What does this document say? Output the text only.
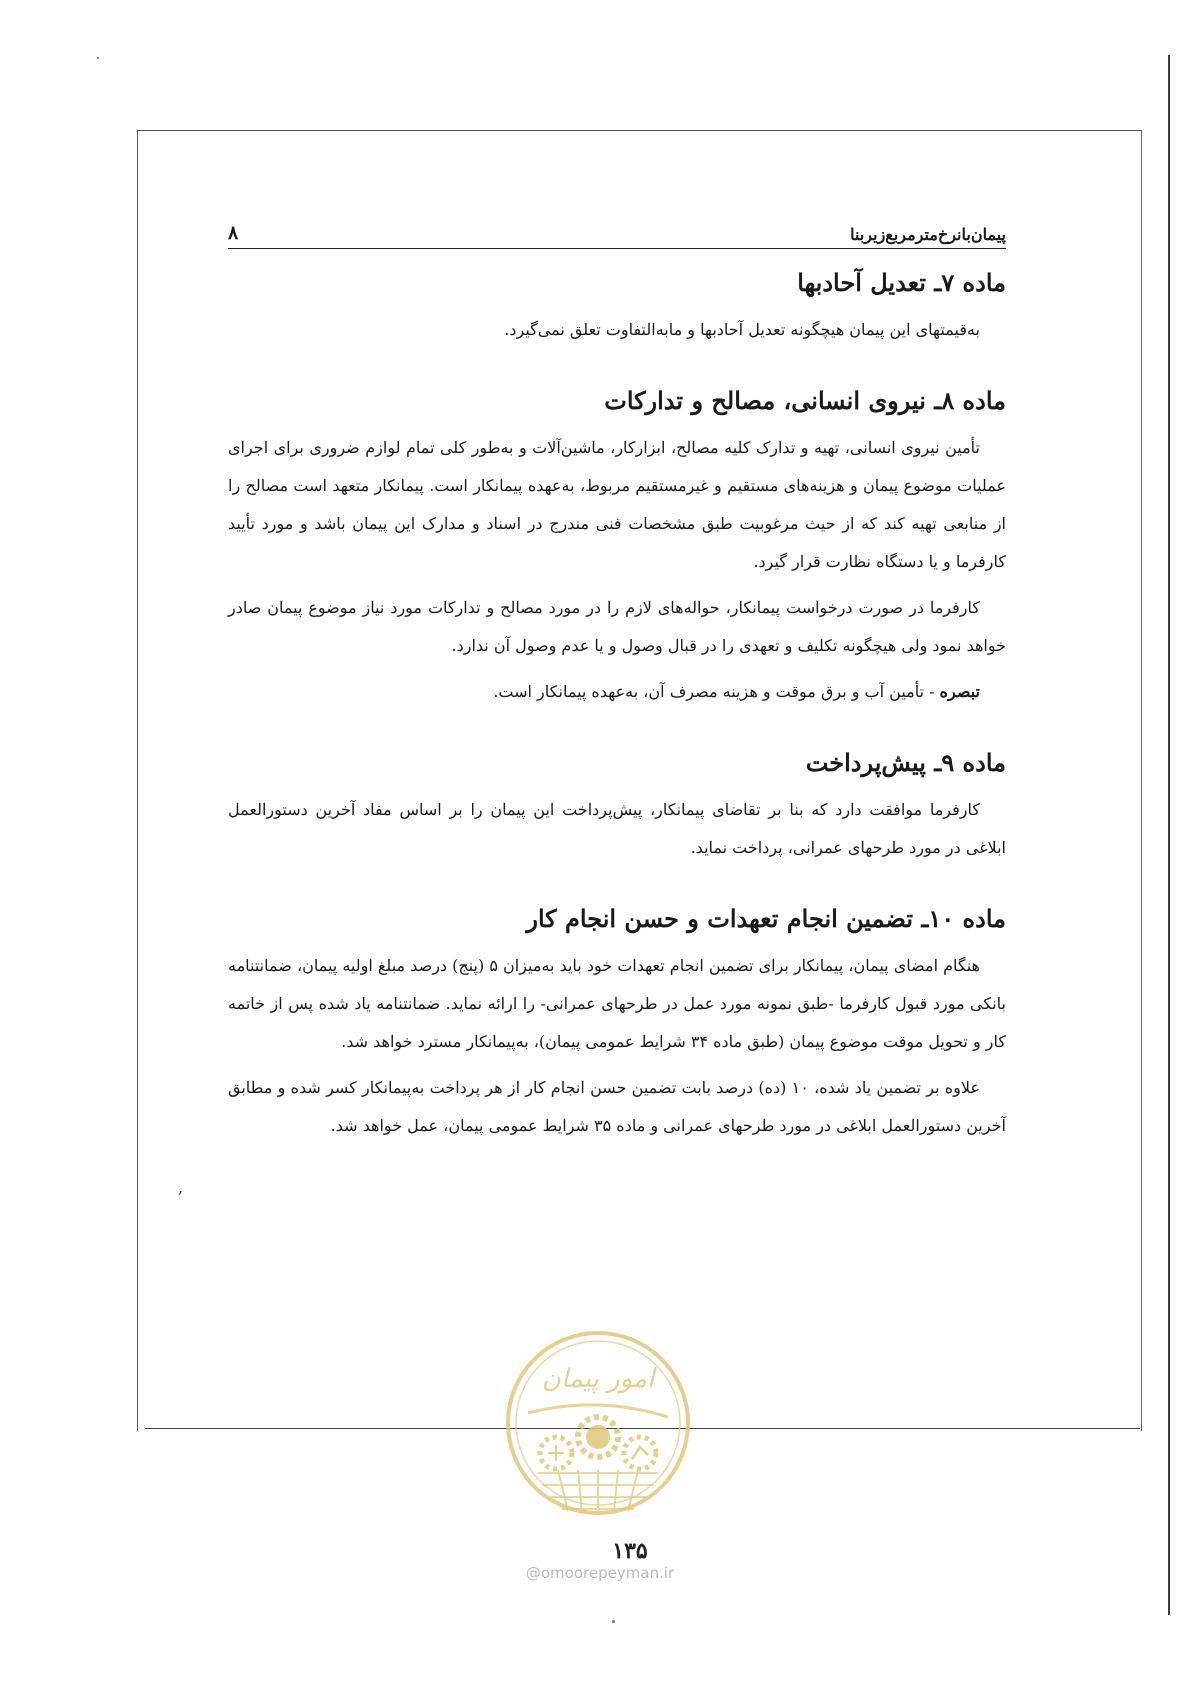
پیمان‌بانرخ‌مترمربع‌زیربنا
۸
ماده ۷ـ تعدیل آحادبها

به‌قیمتهای این پیمان هیچگونه تعدیل آحادبها و مابه‌التفاوت تعلق نمی‌گیرد.

ماده ۸ـ نیروی انسانی، مصالح و تدارکات

تأمین نیروی انسانی، تهیه و تدارک کلیه مصالح، ابزارکار، ماشین‌آلات و به‌طور کلی تمام لوازم ضروری برای اجرای عملیات موضوع پیمان و هزینه‌های مستقیم و غیرمستقیم مربوط، به‌عهده پیمانکار است. پیمانکار متعهد است مصالح را از منابعی تهیه کند که از حیث مرغوبیت طبق مشخصات فنی مندرج در اسناد و مدارک این پیمان باشد و مورد تأیید کارفرما و یا دستگاه نظارت قرار گیرد.

کارفرما در صورت درخواست پیمانکار، حواله‌های لازم را در مورد مصالح و تدارکات مورد نیاز موضوع پیمان صادر خواهد نمود ولی هیچگونه تکلیف و تعهدی را در قبال وصول و یا عدم وصول آن ندارد.

تبصره - تأمین آب و برق موقت و هزینه مصرف آن، به‌عهده پیمانکار است.

ماده ۹ـ پیش‌پرداخت

کارفرما موافقت دارد که بنا بر تقاضای پیمانکار، پیش‌پرداخت این پیمان را بر اساس مفاد آخرین دستورالعمل ابلاغی در مورد طرحهای عمرانی، پرداخت نماید.

ماده ۱۰ـ تضمین انجام تعهدات و حسن انجام کار

هنگام امضای پیمان، پیمانکار برای تضمین انجام تعهدات خود باید به‌میزان ۵ (پنج) درصد مبلغ اولیه پیمان، ضمانتنامه بانکی مورد قبول کارفرما -طبق نمونه مورد عمل در طرحهای عمرانی- را ارائه نماید. ضمانتنامه یاد شده پس از خاتمه کار و تحویل موقت موضوع پیمان (طبق ماده ۳۴ شرایط عمومی پیمان)، به‌پیمانکار مسترد خواهد شد.

علاوه بر تضمین یاد شده، ۱۰ (ده) درصد بابت تضمین حسن انجام کار از هر پرداخت به‌پیمانکار کسر شده و مطابق آخرین دستورالعمل ابلاغی در مورد طرحهای عمرانی و ماده ۳۵ شرایط عمومی پیمان، عمل خواهد شد.

,
امور پیمان
۱۳۵
@omoorepeyman.ir
